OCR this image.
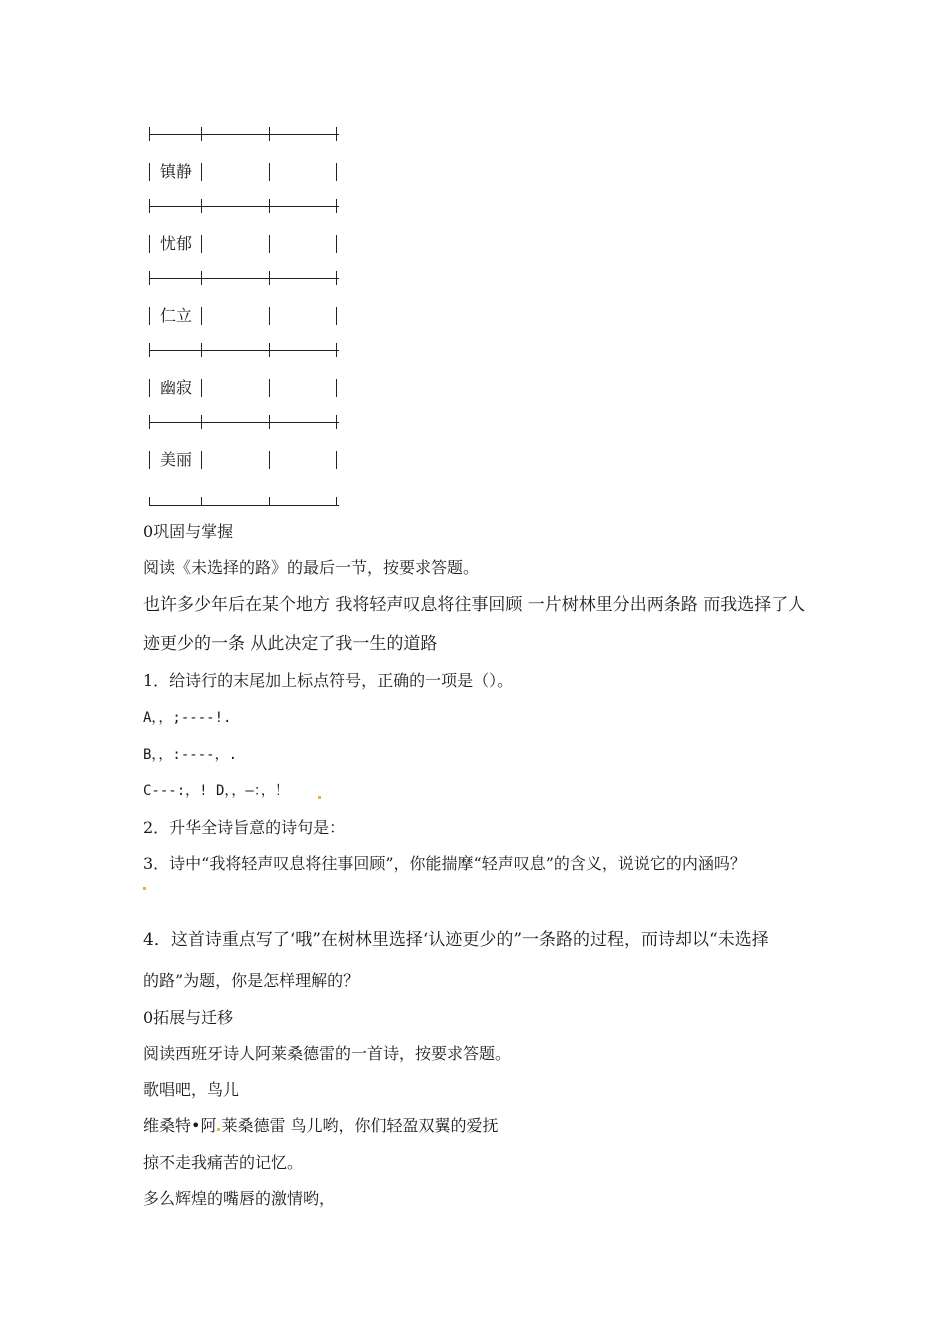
镇静
忧郁
仁立
幽寂
美丽
0巩固与掌握
阅读《未选择的路》的最后一节，按要求答题。
也许多少年后在某个地方 我将轻声叹息将往事回顾 一片树林里分出两条路 而我选择了人
迹更少的一条 从此决定了我一生的道路
1．给诗行的末尾加上标点符号，正确的一项是（）。
A，，;----!.
B，，:----，.
C---:，! D，，—：，！
2．升华全诗旨意的诗句是：
3．诗中“我将轻声叹息将往事回顾”，你能揣摩“轻声叹息”的含义，说说它的内涵吗？
4．这首诗重点写了‘哦”在树林里选择‘认迹更少的”一条路的过程，而诗却以“未选择
的路”为题，你是怎样理解的？
0拓展与迁移
阅读西班牙诗人阿莱桑德雷的一首诗，按要求答题。
歌唱吧，鸟儿
维桑特•阿 莱桑德雷 鸟儿哟，你们轻盈双翼的爱抚
掠不走我痛苦的记忆。
多么辉煌的嘴唇的激情哟，
